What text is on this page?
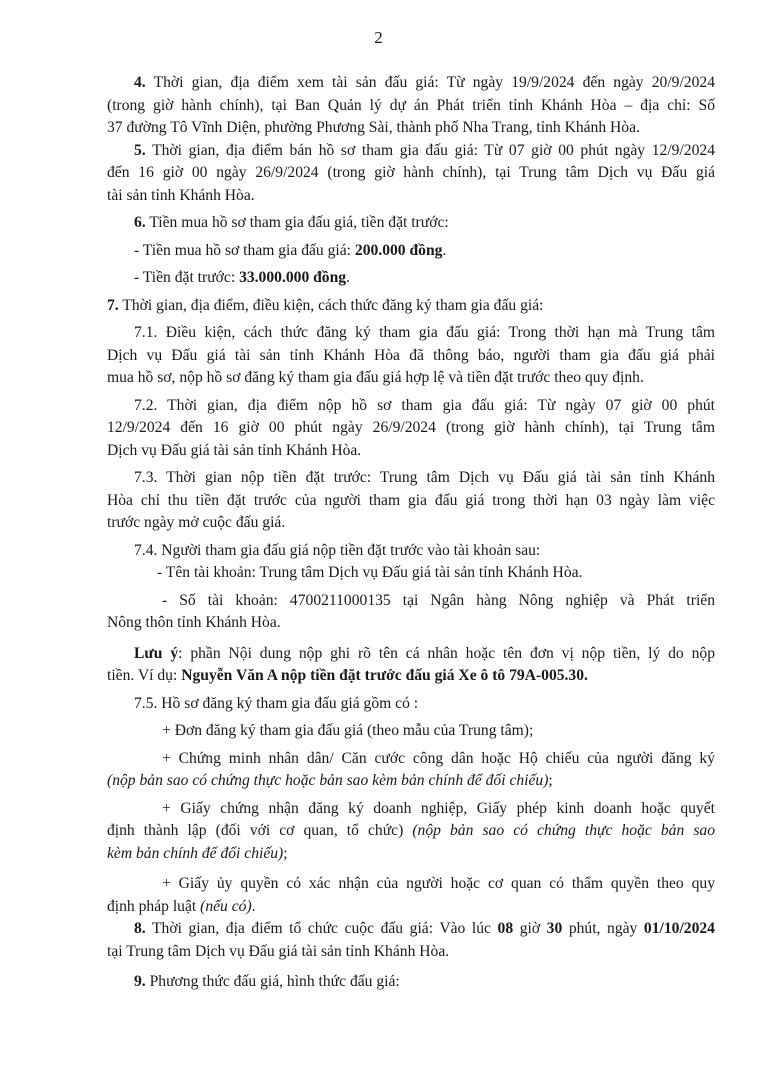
2

4. Thời gian, địa điểm xem tài sản đấu giá: Từ ngày 19/9/2024 đến ngày 20/9/2024
(trong giờ hành chính), tại Ban Quản lý dự án Phát triển tỉnh Khánh Hòa – địa chỉ: Số
37 đường Tô Vĩnh Diện, phường Phương Sài, thành phố Nha Trang, tỉnh Khánh Hòa.

5. Thời gian, địa điểm bán hồ sơ tham gia đấu giá: Từ 07 giờ 00 phút ngày 12/9/2024
đến 16 giờ 00 ngày 26/9/2024 (trong giờ hành chính), tại Trung tâm Dịch vụ Đấu giá
tài sản tỉnh Khánh Hòa.

6. Tiền mua hồ sơ tham gia đấu giá, tiền đặt trước:
- Tiền mua hồ sơ tham gia đấu giá: 200.000 đồng.
- Tiền đặt trước: 33.000.000 đồng.

7. Thời gian, địa điểm, điều kiện, cách thức đăng ký tham gia đấu giá:

7.1. Điều kiện, cách thức đăng ký tham gia đấu giá: Trong thời hạn mà Trung tâm
Dịch vụ Đấu giá tài sản tỉnh Khánh Hòa đã thông báo, người tham gia đấu giá phải
mua hồ sơ, nộp hồ sơ đăng ký tham gia đấu giá hợp lệ và tiền đặt trước theo quy định.

7.2. Thời gian, địa điểm nộp hồ sơ tham gia đấu giá: Từ ngày 07 giờ 00 phút
12/9/2024 đến 16 giờ 00 phút ngày 26/9/2024 (trong giờ hành chính), tại Trung tâm
Dịch vụ Đấu giá tài sản tỉnh Khánh Hòa.

7.3. Thời gian nộp tiền đặt trước: Trung tâm Dịch vụ Đấu giá tài sản tỉnh Khánh
Hòa chỉ thu tiền đặt trước của người tham gia đấu giá trong thời hạn 03 ngày làm việc
trước ngày mở cuộc đấu giá.

7.4. Người tham gia đấu giá nộp tiền đặt trước vào tài khoản sau:
- Tên tài khoản: Trung tâm Dịch vụ Đấu giá tài sản tỉnh Khánh Hòa.
- Số tài khoản: 4700211000135 tại Ngân hàng Nông nghiệp và Phát triển
Nông thôn tỉnh Khánh Hòa.

Lưu ý: phần Nội dung nộp ghi rõ tên cá nhân hoặc tên đơn vị nộp tiền, lý do nộp
tiền. Ví dụ: Nguyễn Văn A nộp tiền đặt trước đấu giá Xe ô tô 79A-005.30.

7.5. Hồ sơ đăng ký tham gia đấu giá gồm có :
+ Đơn đăng ký tham gia đấu giá (theo mẫu của Trung tâm);
+ Chứng minh nhân dân/ Căn cước công dân hoặc Hộ chiếu của người đăng ký
(nộp bản sao có chứng thực hoặc bản sao kèm bản chính để đối chiếu);
+ Giấy chứng nhận đăng ký doanh nghiệp, Giấy phép kinh doanh hoặc quyết
định thành lập (đối với cơ quan, tổ chức) (nộp bản sao có chứng thực hoặc bản sao
kèm bản chính để đối chiếu);
+ Giấy ủy quyền có xác nhận của người hoặc cơ quan có thẩm quyền theo quy
định pháp luật (nếu có).

8. Thời gian, địa điểm tổ chức cuộc đấu giá: Vào lúc 08 giờ 30 phút, ngày 01/10/2024
tại Trung tâm Dịch vụ Đấu giá tài sản tỉnh Khánh Hòa.

9. Phương thức đấu giá, hình thức đấu giá:
